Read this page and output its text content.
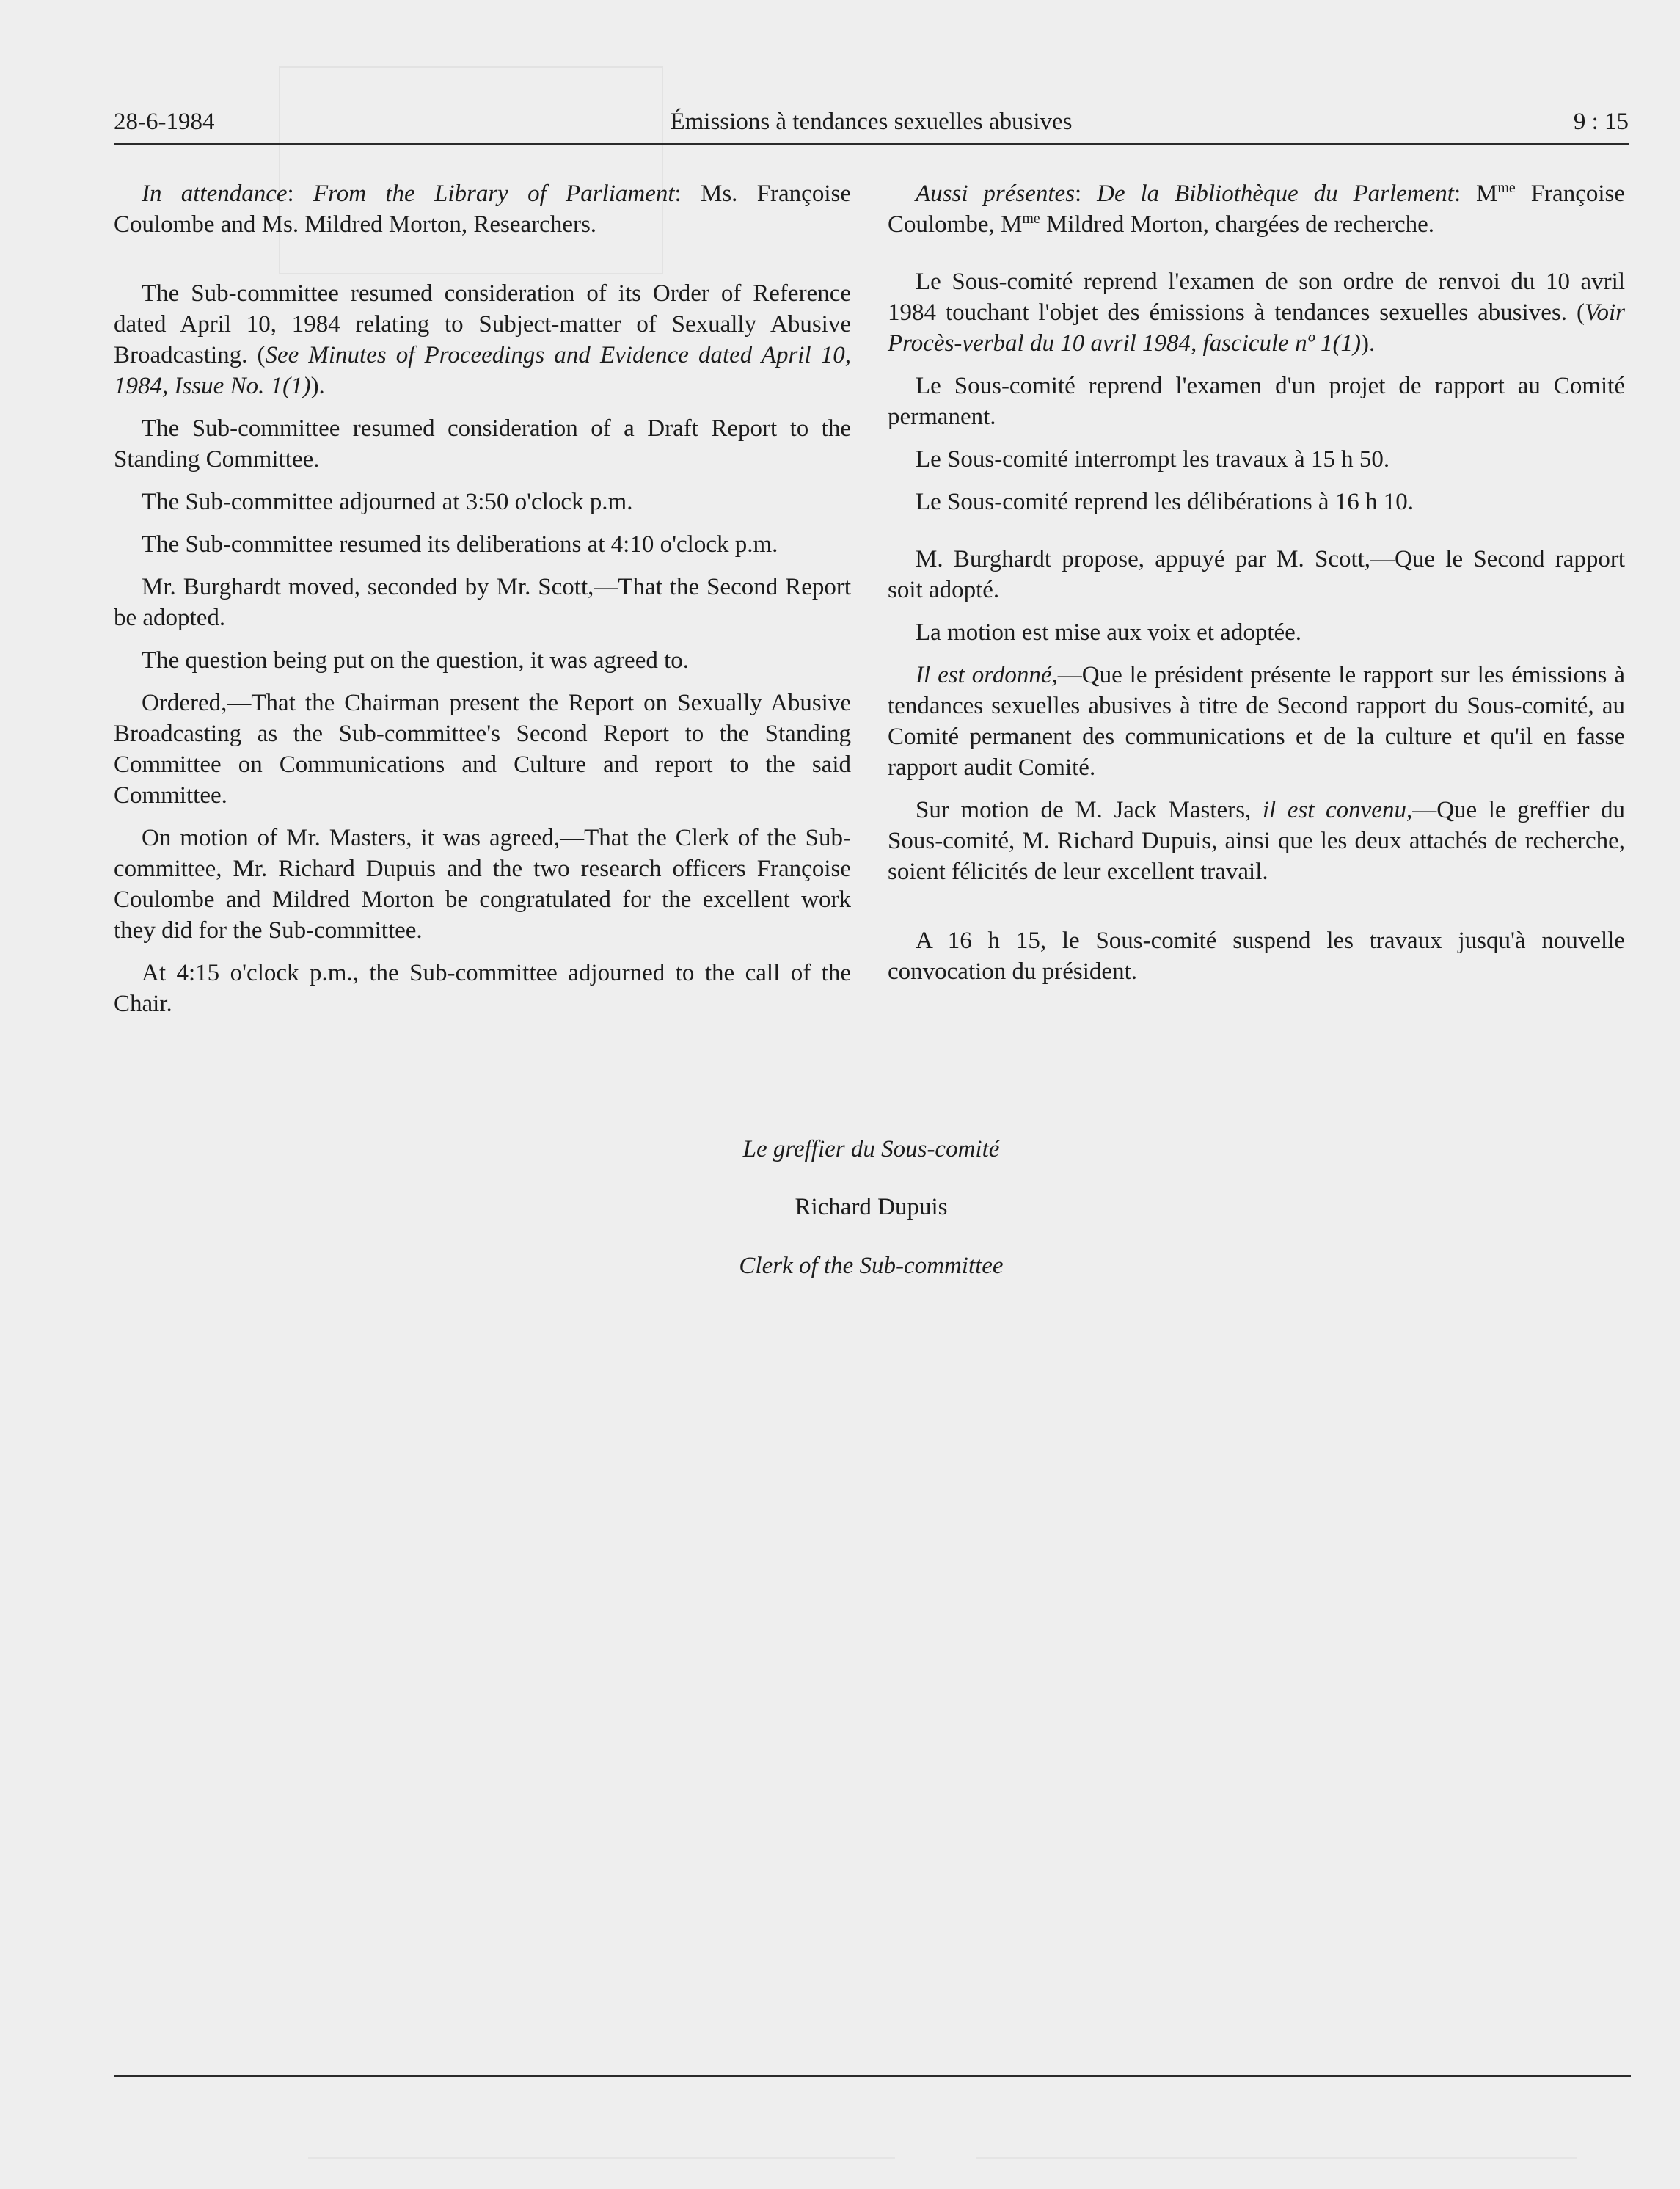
28-6-1984	Émissions à tendances sexuelles abusives	9 : 15

In attendance: From the Library of Parliament: Ms. Françoise Coulombe and Ms. Mildred Morton, Researchers.

The Sub-committee resumed consideration of its Order of Reference dated April 10, 1984 relating to Subject-matter of Sexually Abusive Broadcasting. (See Minutes of Proceedings and Evidence dated April 10, 1984, Issue No. 1(1)).

The Sub-committee resumed consideration of a Draft Report to the Standing Committee.

The Sub-committee adjourned at 3:50 o'clock p.m.

The Sub-committee resumed its deliberations at 4:10 o'clock p.m.

Mr. Burghardt moved, seconded by Mr. Scott,—That the Second Report be adopted.

The question being put on the question, it was agreed to.

Ordered,—That the Chairman present the Report on Sexually Abusive Broadcasting as the Sub-committee's Second Report to the Standing Committee on Communications and Culture and report to the said Committee.

On motion of Mr. Masters, it was agreed,—That the Clerk of the Sub-committee, Mr. Richard Dupuis and the two research officers Françoise Coulombe and Mildred Morton be congratulated for the excellent work they did for the Sub-committee.

At 4:15 o'clock p.m., the Sub-committee adjourned to the call of the Chair.

Aussi présentes: De la Bibliothèque du Parlement: $M^{me}$ Françoise Coulombe, $M^{me}$ Mildred Morton, chargées de recherche.

Le Sous-comité reprend l'examen de son ordre de renvoi du 10 avril 1984 touchant l'objet des émissions à tendances sexuelles abusives. (Voir Procès-verbal du 10 avril 1984, fascicule nº 1(1)).

Le Sous-comité reprend l'examen d'un projet de rapport au Comité permanent.

Le Sous-comité interrompt les travaux à 15 h 50.

Le Sous-comité reprend les délibérations à 16 h 10.

M. Burghardt propose, appuyé par M. Scott,—Que le Second rapport soit adopté.

La motion est mise aux voix et adoptée.

Il est ordonné,—Que le président présente le rapport sur les émissions à tendances sexuelles abusives à titre de Second rapport du Sous-comité, au Comité permanent des communications et de la culture et qu'il en fasse rapport audit Comité.

Sur motion de M. Jack Masters, il est convenu,—Que le greffier du Sous-comité, M. Richard Dupuis, ainsi que les deux attachés de recherche, soient félicités de leur excellent travail.

A 16 h 15, le Sous-comité suspend les travaux jusqu'à nouvelle convocation du président.

Le greffier du Sous-comité
Richard Dupuis
Clerk of the Sub-committee
